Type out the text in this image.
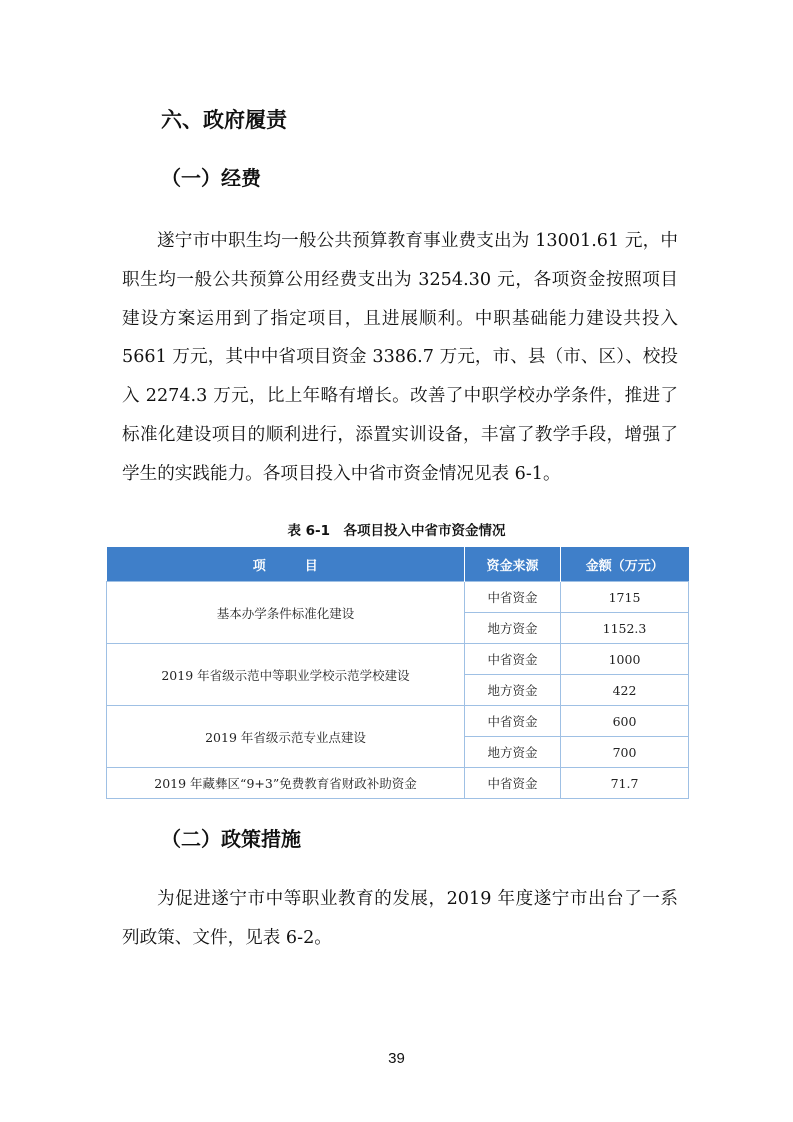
六、政府履责
（一）经费
遂宁市中职生均一般公共预算教育事业费支出为 13001.61 元，中职生均一般公共预算公用经费支出为 3254.30 元，各项资金按照项目建设方案运用到了指定项目，且进展顺利。中职基础能力建设共投入 5661 万元，其中中省项目资金 3386.7 万元，市、县（市、区）、校投入 2274.3 万元，比上年略有增长。改善了中职学校办学条件，推进了标准化建设项目的顺利进行，添置实训设备，丰富了教学手段，增强了学生的实践能力。各项目投入中省市资金情况见表 6-1。
表 6-1　各项目投入中省市资金情况
项　　　目	资金来源	金额（万元）
基本办学条件标准化建设	中省资金	1715
	地方资金	1152.3
2019 年省级示范中等职业学校示范学校建设	中省资金	1000
	地方资金	422
2019 年省级示范专业点建设	中省资金	600
	地方资金	700
2019 年藏彝区“9+3”免费教育省财政补助资金	中省资金	71.7
（二）政策措施
为促进遂宁市中等职业教育的发展，2019 年度遂宁市出台了一系列政策、文件，见表 6-2。
39
